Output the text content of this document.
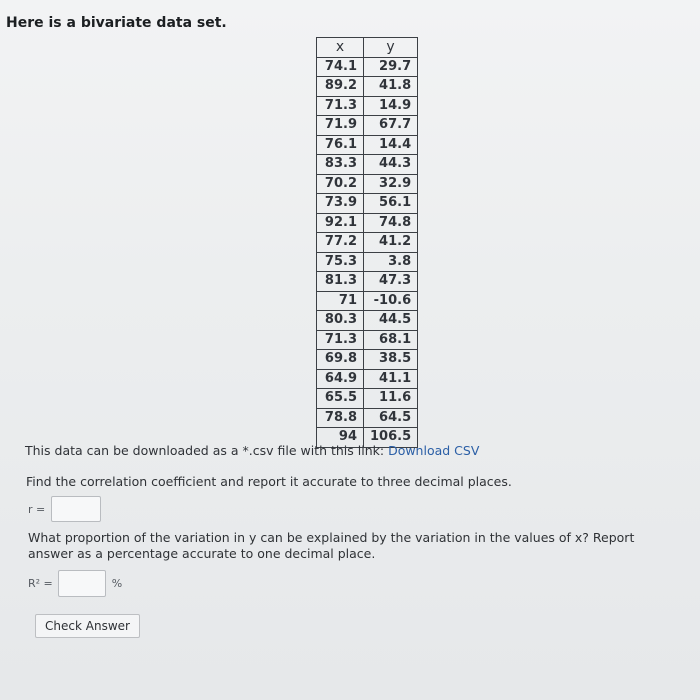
Here is a bivariate data set.
x	y
74.1	29.7
89.2	41.8
71.3	14.9
71.9	67.7
76.1	14.4
83.3	44.3
70.2	32.9
73.9	56.1
92.1	74.8
77.2	41.2
75.3	3.8
81.3	47.3
71	-10.6
80.3	44.5
71.3	68.1
69.8	38.5
64.9	41.1
65.5	11.6
78.8	64.5
94	106.5
This data can be downloaded as a *.csv file with this link: Download CSV
Find the correlation coefficient and report it accurate to three decimal places.
r =
What proportion of the variation in y can be explained by the variation in the values of x? Report answer as a percentage accurate to one decimal place.
R² =	%
Check Answer
